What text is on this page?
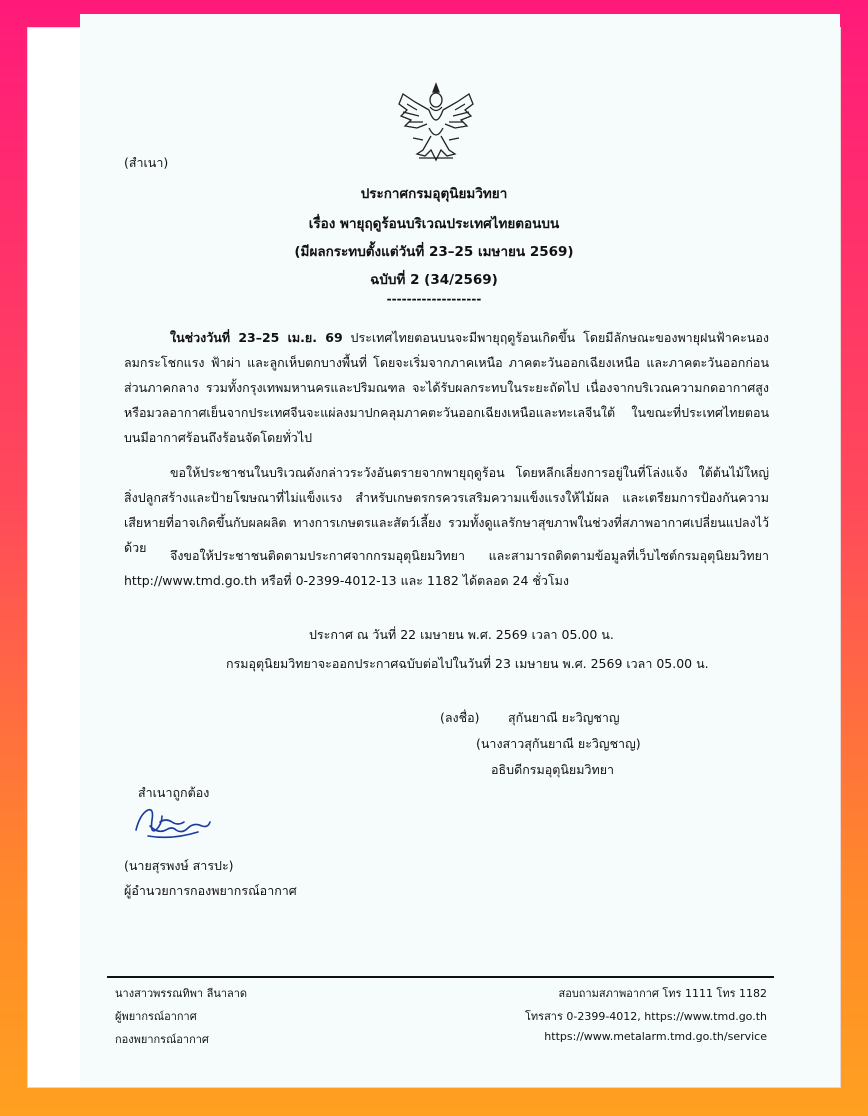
(สำเนา)
ประกาศกรมอุตุนิยมวิทยา
เรื่อง พายุฤดูร้อนบริเวณประเทศไทยตอนบน
(มีผลกระทบตั้งแต่วันที่ 23–25 เมษายน 2569)
ฉบับที่ 2 (34/2569)
-------------------
ในช่วงวันที่ 23–25 เม.ย. 69 ประเทศไทยตอนบนจะมีพายุฤดูร้อนเกิดขึ้น โดยมีลักษณะของพายุฝนฟ้าคะนอง ลมกระโชกแรง ฟ้าผ่า และลูกเห็บตกบางพื้นที่ โดยจะเริ่มจากภาคเหนือ ภาคตะวันออกเฉียงเหนือ และภาคตะวันออกก่อน ส่วนภาคกลาง รวมทั้งกรุงเทพมหานครและปริมณฑล จะได้รับผลกระทบในระยะถัดไป เนื่องจากบริเวณความกดอากาศสูงหรือมวลอากาศเย็นจากประเทศจีนจะแผ่ลงมาปกคลุมภาคตะวันออกเฉียงเหนือและทะเลจีนใต้ ในขณะที่ประเทศไทยตอนบนมีอากาศร้อนถึงร้อนจัดโดยทั่วไป
ขอให้ประชาชนในบริเวณดังกล่าวระวังอันตรายจากพายุฤดูร้อน โดยหลีกเลี่ยงการอยู่ในที่โล่งแจ้ง ใต้ต้นไม้ใหญ่ สิ่งปลูกสร้างและป้ายโฆษณาที่ไม่แข็งแรง สำหรับเกษตรกรควรเสริมความแข็งแรงให้ไม้ผล และเตรียมการป้องกันความเสียหายที่อาจเกิดขึ้นกับผลผลิต ทางการเกษตรและสัตว์เลี้ยง รวมทั้งดูแลรักษาสุขภาพในช่วงที่สภาพอากาศเปลี่ยนแปลงไว้ด้วย
จึงขอให้ประชาชนติดตามประกาศจากกรมอุตุนิยมวิทยา และสามารถติดตามข้อมูลที่เว็บไซต์กรมอุตุนิยมวิทยา http://www.tmd.go.th หรือที่ 0-2399-4012-13 และ 1182 ได้ตลอด 24 ชั่วโมง
ประกาศ ณ วันที่ 22 เมษายน พ.ศ. 2569 เวลา 05.00 น.
กรมอุตุนิยมวิทยาจะออกประกาศฉบับต่อไปในวันที่ 23 เมษายน พ.ศ. 2569 เวลา 05.00 น.
(ลงชื่อ) สุกันยาณี ยะวิญชาญ
(นางสาวสุกันยาณี ยะวิญชาญ)
อธิบดีกรมอุตุนิยมวิทยา
สำเนาถูกต้อง
(นายสุรพงษ์ สารปะ)
ผู้อำนวยการกองพยากรณ์อากาศ
นางสาวพรรณทิพา ลีนาลาด
ผู้พยากรณ์อากาศ
กองพยากรณ์อากาศ
สอบถามสภาพอากาศ โทร 1111 โทร 1182
โทรสาร 0-2399-4012, https://www.tmd.go.th
https://www.metalarm.tmd.go.th/service
